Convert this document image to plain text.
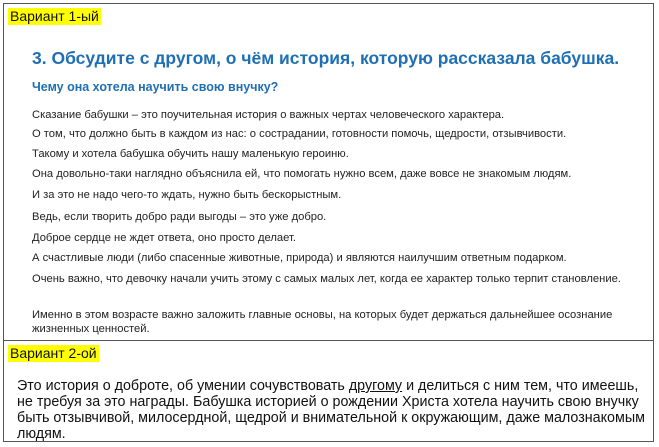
Вариант 1-ый
3. Обсудите с другом, о чём история, которую рассказала бабушка.
Чему она хотела научить свою внучку?
Сказание бабушки – это поучительная история о важных чертах человеческого характера.
О том, что должно быть в каждом из нас: о сострадании, готовности помочь, щедрости, отзывчивости.
Такому и хотела бабушка обучить нашу маленькую героиню.
Она довольно-таки наглядно объяснила ей, что помогать нужно всем, даже вовсе не знакомым людям.
И за это не надо чего-то ждать, нужно быть бескорыстным.
Ведь, если творить добро ради выгоды – это уже добро.
Доброе сердце не ждет ответа, оно просто делает.
А счастливые люди (либо спасенные животные, природа) и являются наилучшим ответным подарком.
Очень важно, что девочку начали учить этому с самых малых лет, когда ее характер только терпит становление.
Именно в этом возрасте важно заложить главные основы, на которых будет держаться дальнейшее осознание жизненных ценностей.
Вариант 2-ой
Это история о доброте, об умении сочувствовать другому и делиться с ним тем, что имеешь, не требуя за это награды. Бабушка историей о рождении Христа хотела научить свою внучку быть отзывчивой, милосердной, щедрой и внимательной к окружающим, даже малознакомым людям.
